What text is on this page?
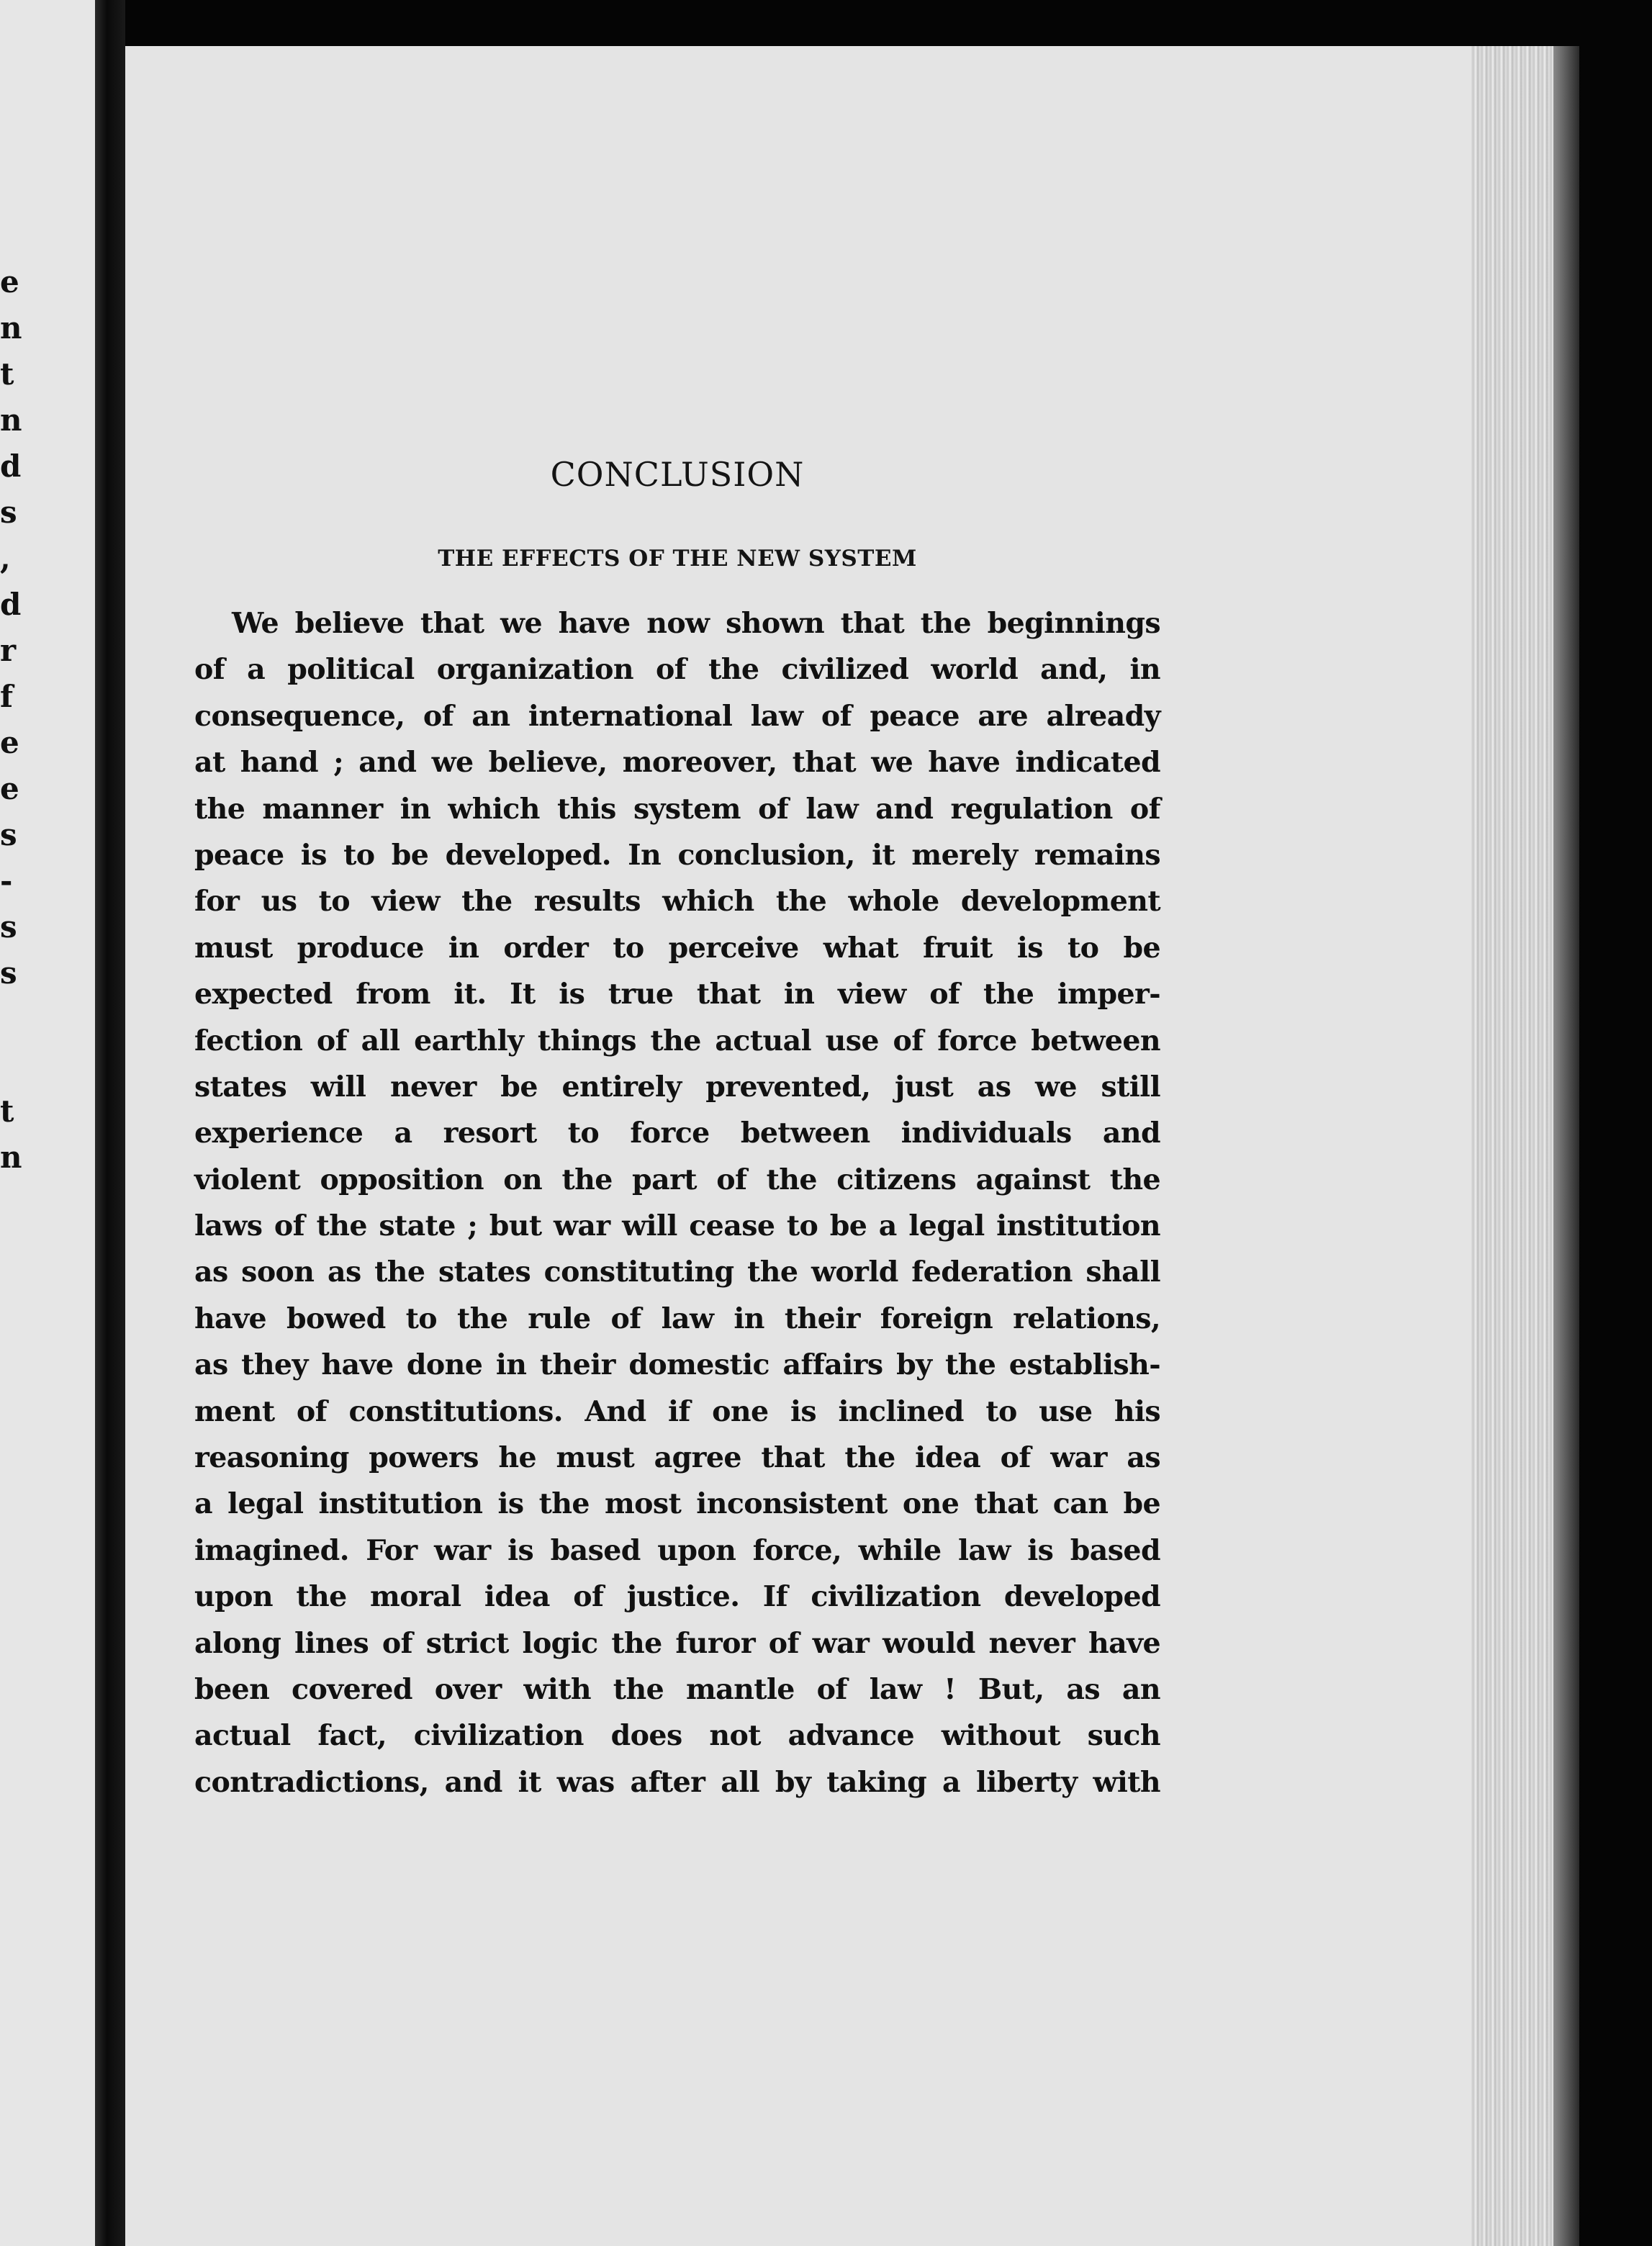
e
n
t
n
d
s
,
d
r
f
e
e
s
-
s
s
t
n
CONCLUSION
THE EFFECTS OF THE NEW SYSTEM
We believe that we have now shown that the beginnings
of a political organization of the civilized world and, in
consequence, of an international law of peace are already
at hand ; and we believe, moreover, that we have indicated
the manner in which this system of law and regulation of
peace is to be developed. In conclusion, it merely remains
for us to view the results which the whole development
must produce in order to perceive what fruit is to be
expected from it. It is true that in view of the imper-
fection of all earthly things the actual use of force between
states will never be entirely prevented, just as we still
experience a resort to force between individuals and
violent opposition on the part of the citizens against the
laws of the state ; but war will cease to be a legal institution
as soon as the states constituting the world federation shall
have bowed to the rule of law in their foreign relations,
as they have done in their domestic affairs by the establish-
ment of constitutions. And if one is inclined to use his
reasoning powers he must agree that the idea of war as
a legal institution is the most inconsistent one that can be
imagined. For war is based upon force, while law is based
upon the moral idea of justice. If civilization developed
along lines of strict logic the furor of war would never have
been covered over with the mantle of law ! But, as an
actual fact, civilization does not advance without such
contradictions, and it was after all by taking a liberty with
